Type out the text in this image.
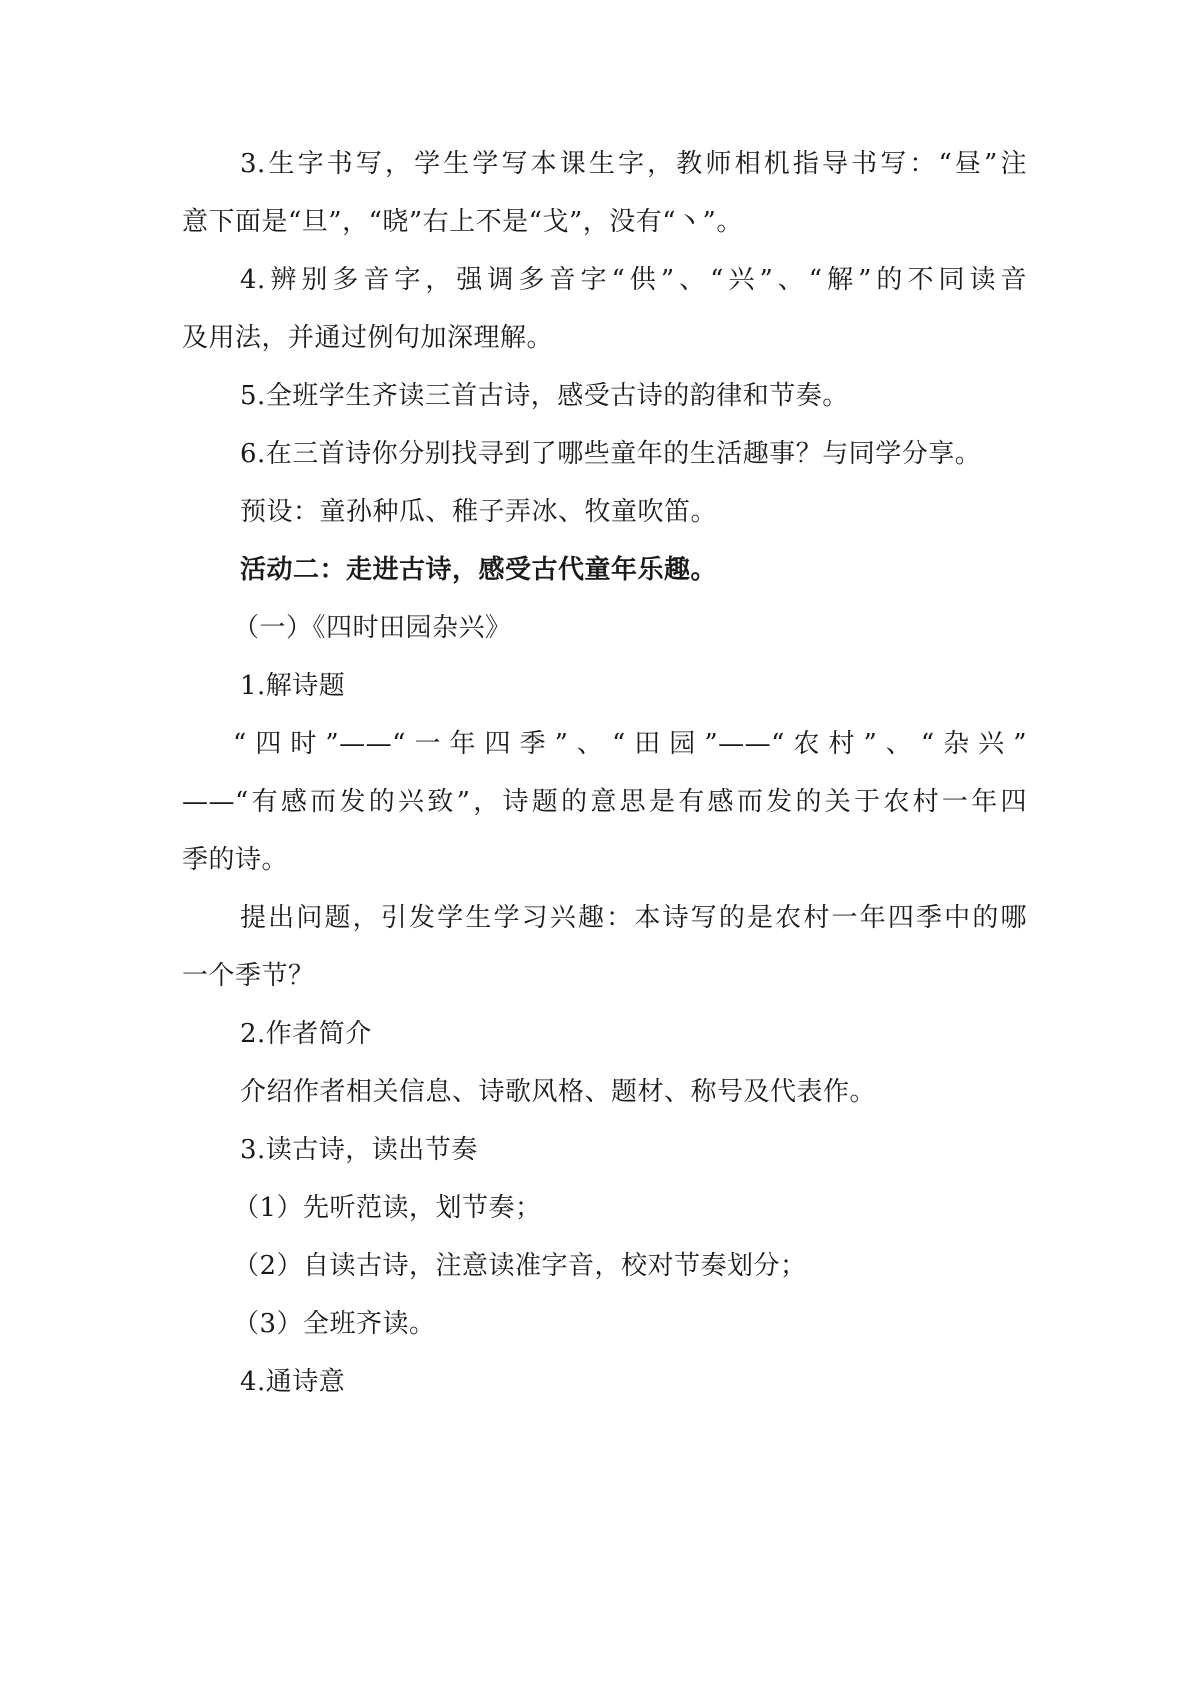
3.生字书写，学生学写本课生字，教师相机指导书写：“昼”注
意下面是“旦”，“晓”右上不是“戈”，没有“丶”。
4.辨别多音字，强调多音字“供”、“兴”、“解”的不同读音
及用法，并通过例句加深理解。
5.全班学生齐读三首古诗，感受古诗的韵律和节奏。
6.在三首诗你分别找寻到了哪些童年的生活趣事？与同学分享。
预设：童孙种瓜、稚子弄冰、牧童吹笛。
活动二：走进古诗，感受古代童年乐趣。
（一）《四时田园杂兴》
1.解诗题
“四时”——“一年四季”、“田园”——“农村”、“杂兴”
——“有感而发的兴致”，诗题的意思是有感而发的关于农村一年四
季的诗。
提出问题，引发学生学习兴趣：本诗写的是农村一年四季中的哪
一个季节？
2.作者简介
介绍作者相关信息、诗歌风格、题材、称号及代表作。
3.读古诗，读出节奏
（1）先听范读，划节奏；
（2）自读古诗，注意读准字音，校对节奏划分；
（3）全班齐读。
4.通诗意
